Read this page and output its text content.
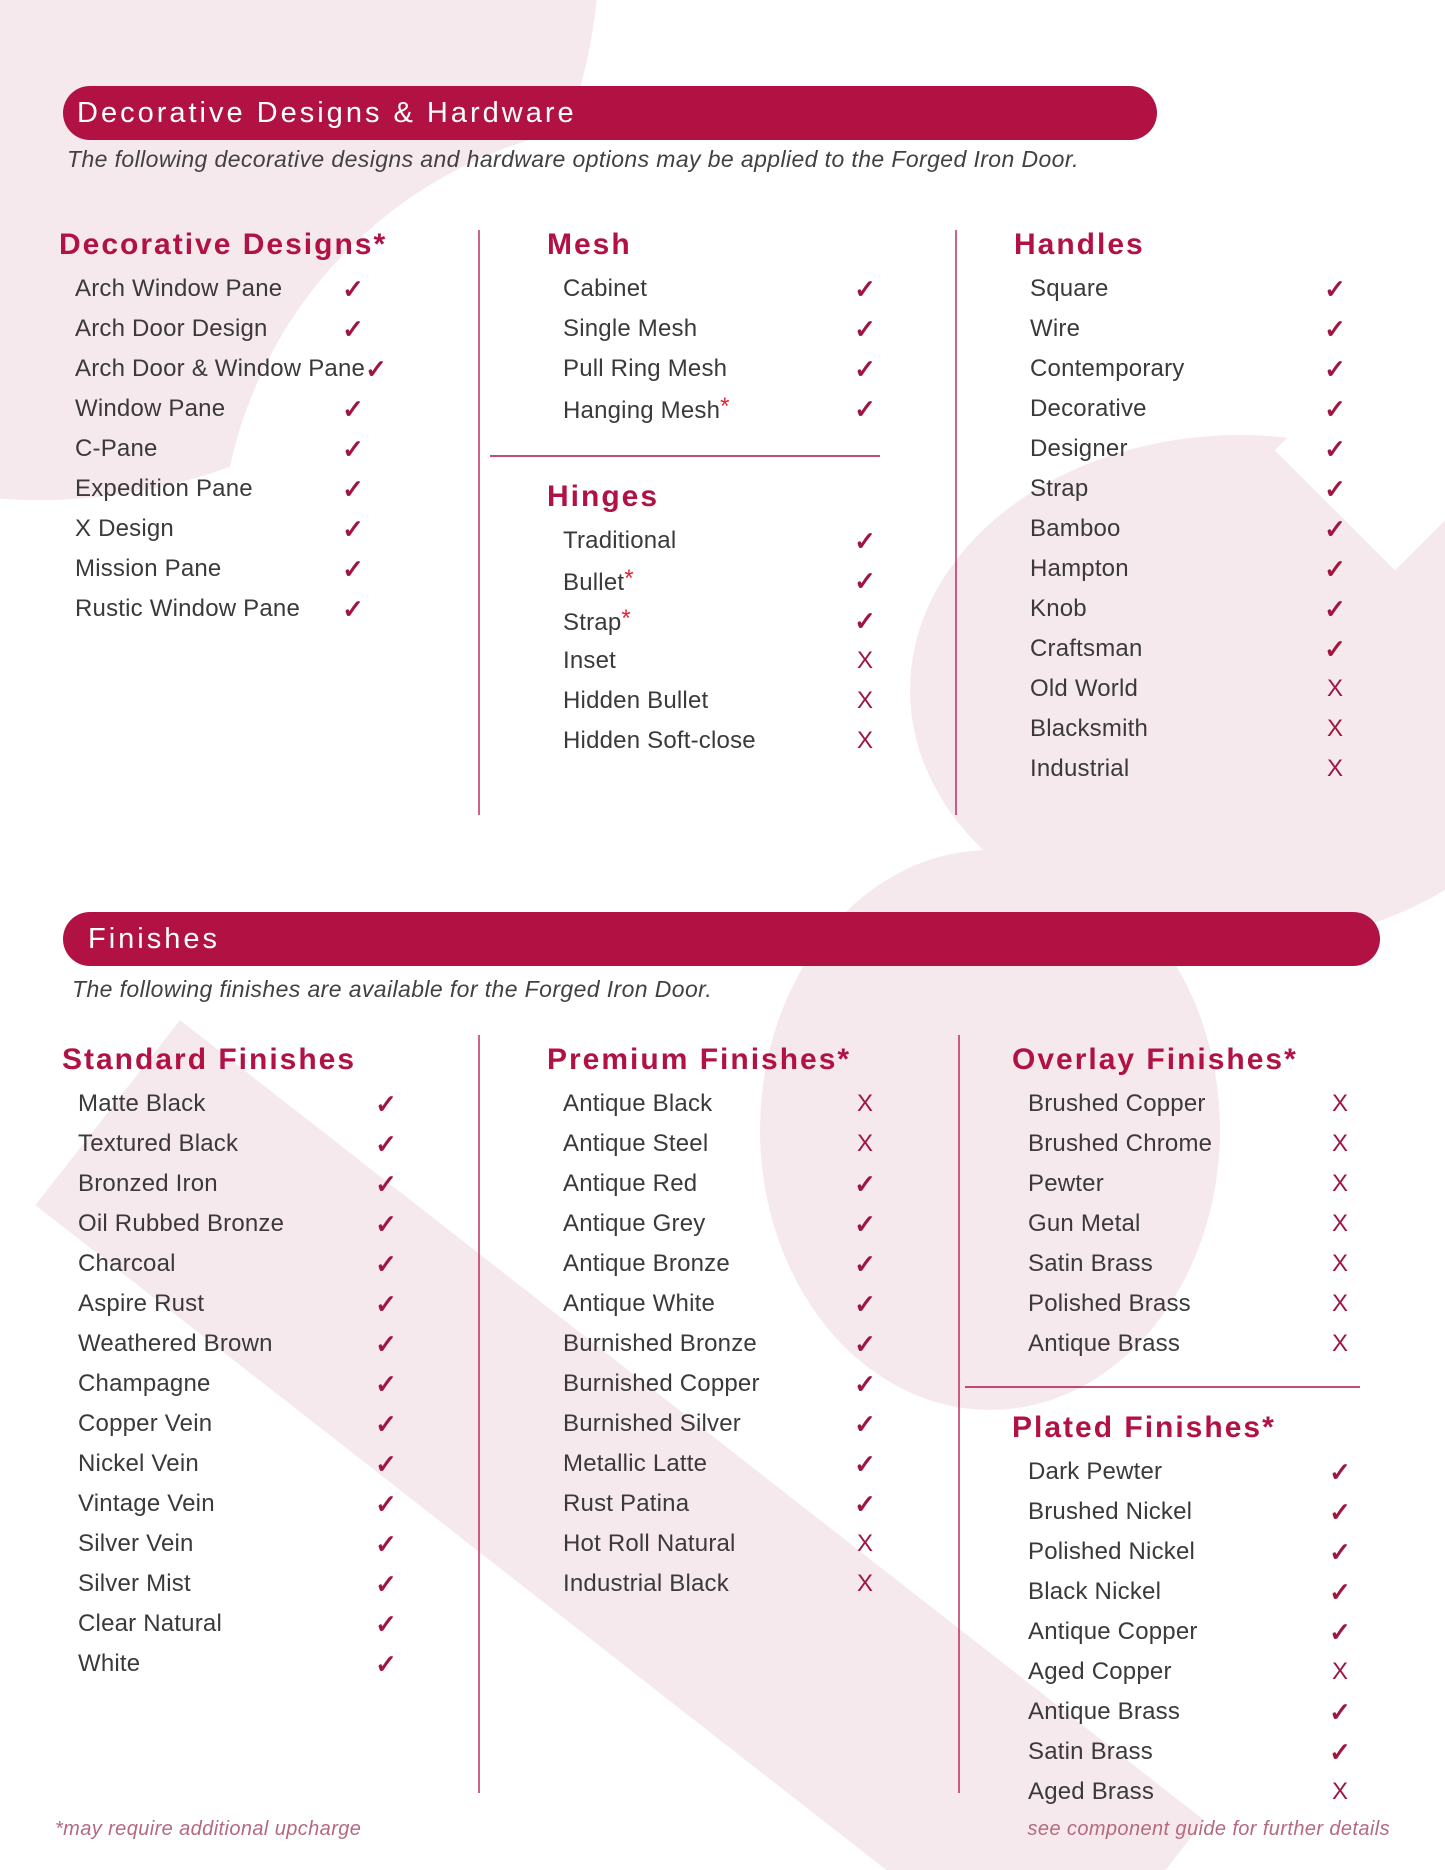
Decorative Designs & Hardware
The following decorative designs and hardware options may be applied to the Forged Iron Door.
Decorative Designs*
Arch Window Pane	✓
Arch Door Design	✓
Arch Door & Window Pane ✓
Window Pane	✓
C-Pane	✓
Expedition Pane	✓
X Design	✓
Mission Pane	✓
Rustic Window Pane	✓
Mesh
Cabinet	✓
Single Mesh	✓
Pull Ring Mesh	✓
Hanging Mesh*	✓
Hinges
Traditional	✓
Bullet*	✓
Strap*	✓
Inset	X
Hidden Bullet	X
Hidden Soft-close	X
Handles
Square	✓
Wire	✓
Contemporary	✓
Decorative	✓
Designer	✓
Strap	✓
Bamboo	✓
Hampton	✓
Knob	✓
Craftsman	✓
Old World	X
Blacksmith	X
Industrial	X
Finishes
The following finishes are available for the Forged Iron Door.
Standard Finishes
Matte Black	✓
Textured Black	✓
Bronzed Iron	✓
Oil Rubbed Bronze	✓
Charcoal	✓
Aspire Rust	✓
Weathered Brown	✓
Champagne	✓
Copper Vein	✓
Nickel Vein	✓
Vintage Vein	✓
Silver Vein	✓
Silver Mist	✓
Clear Natural	✓
White	✓
Premium Finishes*
Antique Black	X
Antique Steel	X
Antique Red	✓
Antique Grey	✓
Antique Bronze	✓
Antique White	✓
Burnished Bronze	✓
Burnished Copper	✓
Burnished Silver	✓
Metallic Latte	✓
Rust Patina	✓
Hot Roll Natural	X
Industrial Black	X
Overlay Finishes*
Brushed Copper	X
Brushed Chrome	X
Pewter	X
Gun Metal	X
Satin Brass	X
Polished Brass	X
Antique Brass	X
Plated Finishes*
Dark Pewter	✓
Brushed Nickel	✓
Polished Nickel	✓
Black Nickel	✓
Antique Copper	✓
Aged Copper	X
Antique Brass	✓
Satin Brass	✓
Aged Brass	X
*may require additional upcharge	see component guide for further details
